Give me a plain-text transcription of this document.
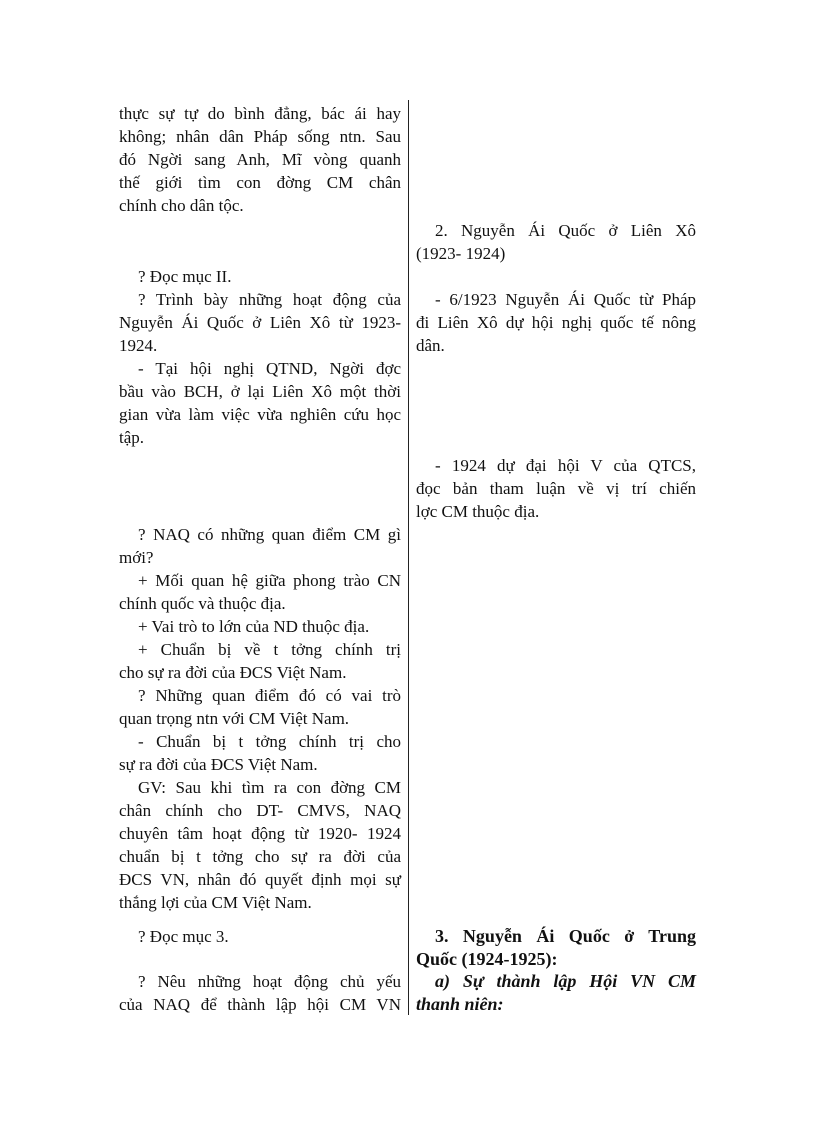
thực sự tự do bình đẳng, bác ái hay
không; nhân dân Pháp sống ntn. Sau
đó Ngời sang Anh, Mĩ vòng quanh
thế giới tìm con đờng CM chân
chính cho dân tộc.
? Đọc mục II.
? Trình bày những hoạt động của
Nguyễn Ái Quốc ở Liên Xô từ 1923-
1924.
- Tại hội nghị QTND, Ngời đợc
bầu vào BCH, ở lại Liên Xô một thời
gian vừa làm việc vừa nghiên cứu học
tập.
? NAQ có những quan điểm CM gì
mới?
+ Mối quan hệ giữa phong trào CN
chính quốc và thuộc địa.
+ Vai trò to lớn của ND thuộc địa.
+ Chuẩn bị về t tởng chính trị
cho sự ra đời của ĐCS Việt Nam.
? Những quan điểm đó có vai trò
quan trọng ntn với CM Việt Nam.
- Chuẩn bị t tởng chính trị cho
sự ra đời của ĐCS Việt Nam.
GV: Sau khi tìm ra con đờng CM
chân chính cho DT- CMVS, NAQ
chuyên tâm hoạt động từ 1920- 1924
chuẩn bị t tởng cho sự ra đời của
ĐCS VN, nhân đó quyết định mọi sự
thắng lợi của CM Việt Nam.
? Đọc mục 3.
? Nêu những hoạt động chủ yếu
của NAQ để thành lập hội CM VN
2. Nguyễn Ái Quốc ở Liên Xô
(1923- 1924)
- 6/1923 Nguyễn Ái Quốc từ Pháp
đi Liên Xô dự hội nghị quốc tế nông
dân.
- 1924 dự đại hội V của QTCS,
đọc bản tham luận về vị trí chiến
lợc CM thuộc địa.
3. Nguyễn Ái Quốc ở Trung
Quốc (1924-1925):
a) Sự thành lập Hội VN CM
thanh niên:
